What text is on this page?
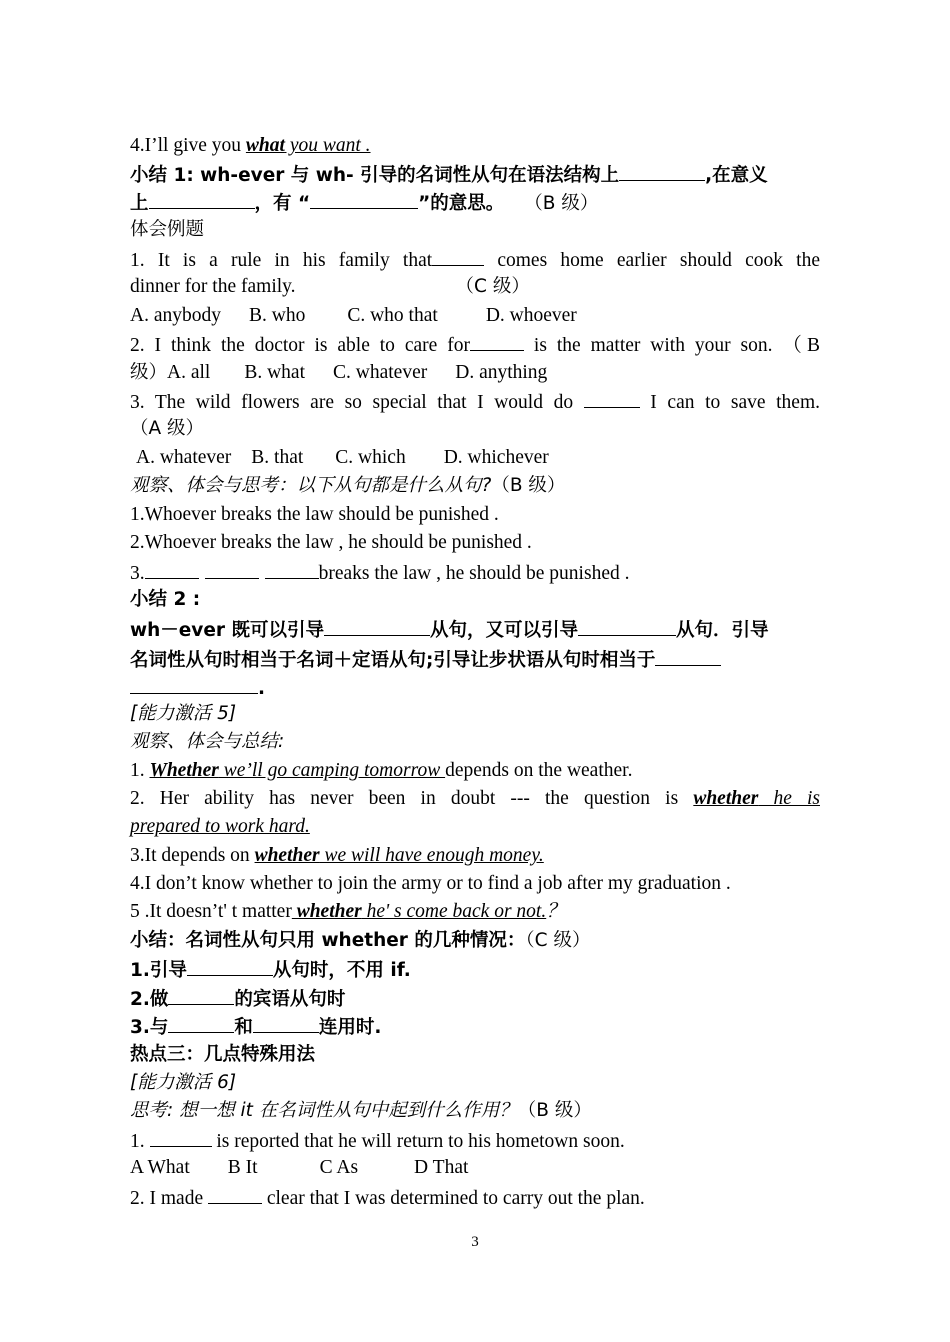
4.I’ll give you what you want .

小结 1: wh-ever 与 wh- 引导的名词性从句在语法结构上	,在意义

上	，有 “	”的意思。 （B 级）

体会例题

1. It is a rule in his family that	comes home earlier should cook the

dinner for the family.	（C 级）

A. anybody B. who C. who that D. whoever

2. I think the doctor is able to care for	is the matter with your son. （B

级）A. all B. what C. whatever D. anything

3. The wild flowers are so special that I would do	I can to save them.

（A 级）

A. whatever B. that C. which D. whichever

观察、体会与思考：以下从句都是什么从句?（B 级）

1.Whoever breaks the law should be punished .

2.Whoever breaks the law , he should be punished .

3.	breaks the law , he should be punished .

小结 2 :

wh－ever 既可以引导	从句，又可以引导	从句．引导

名词性从句时相当于名词＋定语从句;引导让步状语从句时相当于

.

[能力激活 5]

观察、体会与总结:

1. Whether we’ll go camping tomorrow depends on the weather.

2. Her ability has never been in doubt --- the question is whether he is

prepared to work hard.

3.It depends on whether we will have enough money.

4.I don’t know whether to join the army or to find a job after my graduation .

5 .It doesn’t' t matter whether he' s come back or not.？

小结：名词性从句只用 whether 的几种情况：（C 级）

1.引导	从句时，不用 if.

2.做	的宾语从句时

3.与	和	连用时.

热点三：几点特殊用法

[能力激活 6]

思考: 想一想 it 在名词性从句中起到什么作用？（B 级）

1.	is reported that he will return to his hometown soon.

A What B It	C As	D That

2. I made	clear that I was determined to carry out the plan.

3
